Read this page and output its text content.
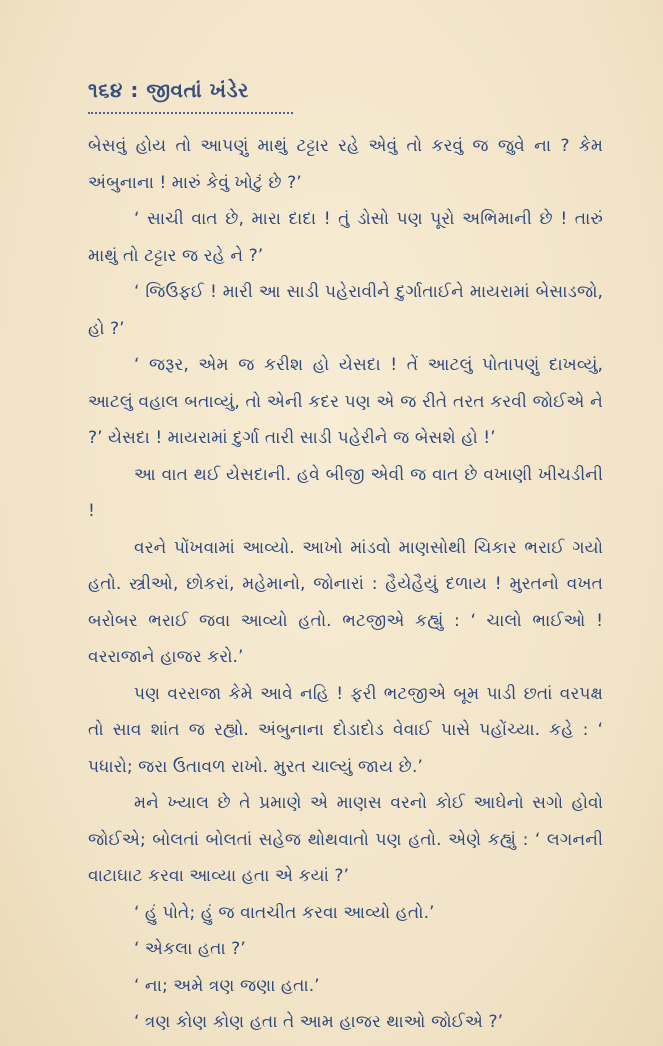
૧૬૪ : જીવતાં ખંડેર

બેસવું હોય તો આપણું માથું ટટ્ટાર રહે એવું તો કરવું જ જુવે ના ? કેમ અંબુનાના ! મારું કેવું ખોટું છે ?’

‘ સાચી વાત છે, મારા દાદા ! તું ડોસો પણ પૂરો અભિમાની છે ! તારું માથું તો ટટ્ટાર જ રહે ને ?’

‘ જિઉફઈ ! મારી આ સાડી પહેરાવીને દુર્ગાતાઈને માયરામાં બેસાડજો, હો ?’

‘ જરૂર, એમ જ કરીશ હો યેસદા ! તેં આટલું પોતાપણું દાખવ્યું, આટલું વહાલ બતાવ્યું, તો એની કદર પણ એ જ રીતે તરત કરવી જોઈએ ને ?’ યેસદા ! માયરામાં દુર્ગા તારી સાડી પહેરીને જ બેસશે હો !’

આ વાત થઈ યેસદાની. હવે બીજી એવી જ વાત છે વખાણી ખીચડીની !

વરને પોંખવામાં આવ્યો. આખો માંડવો માણસોથી ચિકાર ભરાઈ ગયો હતો. સ્ત્રીઓ, છોકરાં, મહેમાનો, જોનારાં : હૈયેહૈયું દળાય ! મુરતનો વખત બરોબર ભરાઈ જવા આવ્યો હતો. ભટજીએ કહ્યું : ‘ ચાલો ભાઈઓ ! વરરાજાને હાજર કરો.’

પણ વરરાજા કેમે આવે નહિ ! ફરી ભટજીએ બૂમ પાડી છતાં વરપક્ષ તો સાવ શાંત જ રહ્યો. અંબુનાના દોડાદોડ વેવાઈ પાસે પહોંચ્યા. કહે : ‘ પધારો; જરા ઉતાવળ રાખો. મુરત ચાલ્યું જાય છે.’

મને ખ્યાલ છે તે પ્રમાણે એ માણસ વરનો કોઈ આઘેનો સગો હોવો જોઈએ; બોલતાં બોલતાં સહેજ થોથવાતો પણ હતો. એણે કહ્યું : ‘ લગનની વાટાઘાટ કરવા આવ્યા હતા એ કયાં ?’

‘ હું પોતે; હું જ વાતચીત કરવા આવ્યો હતો.’

‘ એકલા હતા ?’

‘ ના; અમે ત્રણ જણા હતા.’

‘ ત્રણ કોણ કોણ હતા તે આમ હાજર થાઓ જોઈએ ?’
